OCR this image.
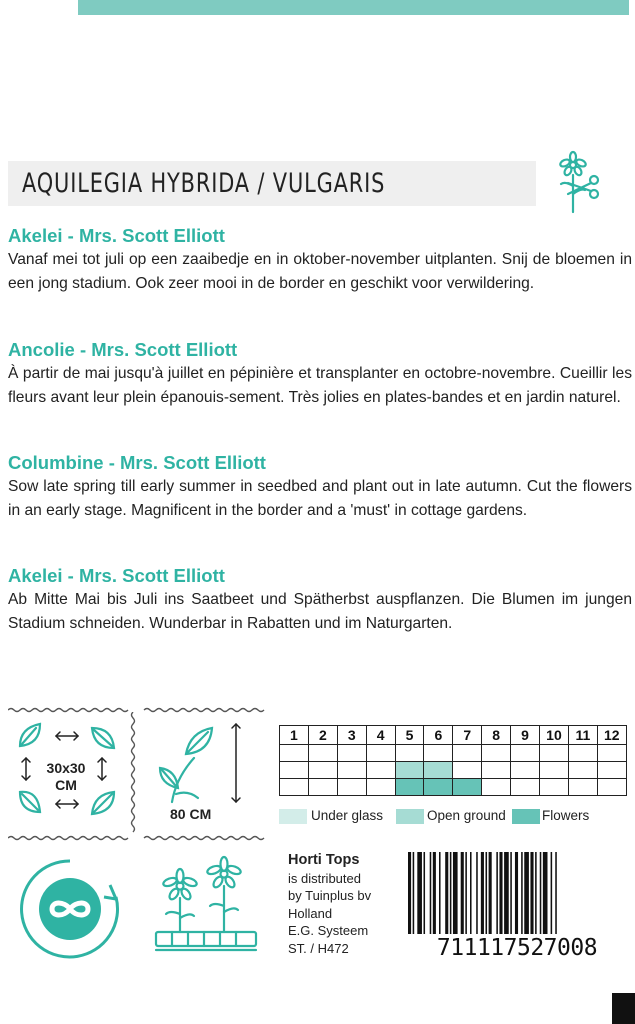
AQUILEGIA HYBRIDA / VULGARIS
Akelei - Mrs. Scott Elliott

Vanaf mei tot juli op een zaaibedje en in oktober-november uitplanten. Snij de bloemen in een jong stadium. Ook zeer mooi in de border en geschikt voor verwildering.

Ancolie - Mrs. Scott Elliott

À partir de mai jusqu'à juillet en pépinière et transplanter en octobre-novembre. Cueillir les fleurs avant leur plein épanouis-sement. Très jolies en plates-bandes et en jardin naturel.

Columbine - Mrs. Scott Elliott

Sow late spring till early summer in seedbed and plant out in late autumn. Cut the flowers in an early stage. Magnificent in the border and a 'must' in cottage gardens.

Akelei - Mrs. Scott Elliott

Ab Mitte Mai bis Juli ins Saatbeet und Spätherbst auspflanzen. Die Blumen im jungen Stadium schneiden. Wunderbar in Rabatten und im Naturgarten.

30x30
CM
80 CM
1	2	3	4	5	6	7	8	9	10	11	12

Under glass	Open ground	Flowers
Horti Tops
is distributed
by Tuinplus bv
Holland
E.G. Systeem
ST. / H472	711117527008
